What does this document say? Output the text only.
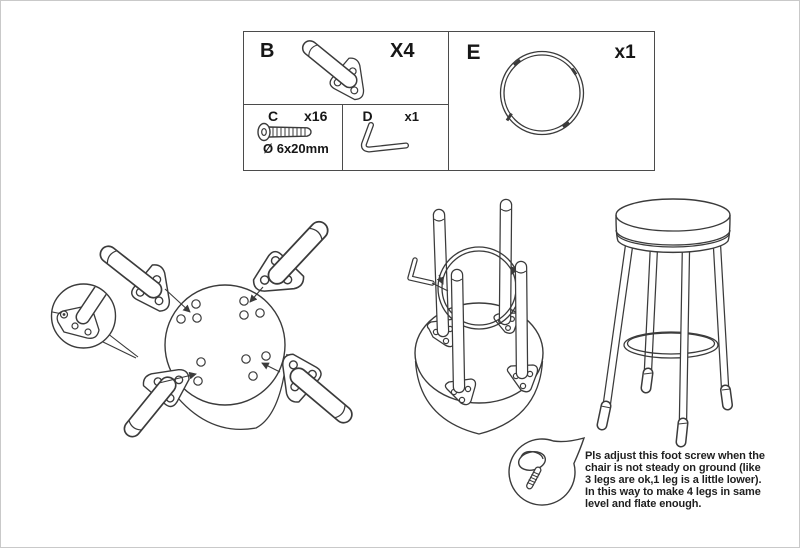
B	X4
C x16
Ø 6x20mm
D x1
E	x1
Pls adjust this foot screw when the
chair is not steady on ground (like
3 legs are ok,1 leg is a little lower).
In this way to make 4 legs in same
level and flate enough.
